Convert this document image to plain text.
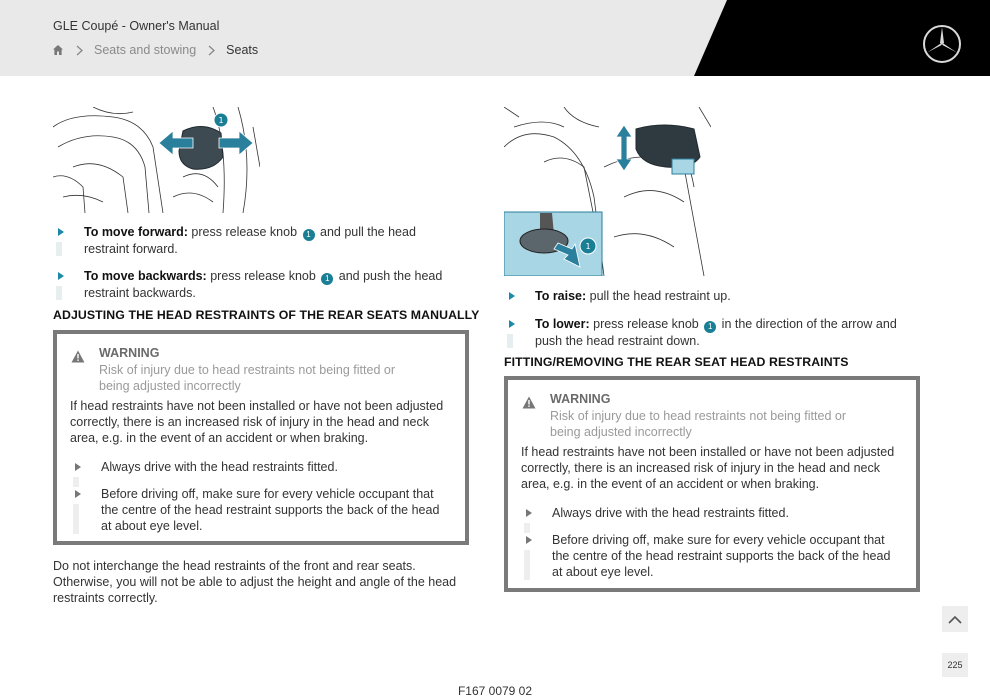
GLE Coupé - Owner's Manual
Seats and stowing Seats
1
To move forward: press release knob 1 and pull the head restraint forward.
To move backwards: press release knob 1 and push the head restraint backwards.
ADJUSTING THE HEAD RESTRAINTS OF THE REAR SEATS MANUALLY
WARNING
Risk of injury due to head restraints not being fitted or being adjusted incorrectly
If head restraints have not been installed or have not been adjusted correctly, there is an increased risk of injury in the head and neck area, e.g. in the event of an accident or when braking.
Always drive with the head restraints fitted.
Before driving off, make sure for every vehicle occupant that the centre of the head restraint supports the back of the head at about eye level.
Do not interchange the head restraints of the front and rear seats. Otherwise, you will not be able to adjust the height and angle of the head restraints correctly.
1
To raise: pull the head restraint up.
To lower: press release knob 1 in the direction of the arrow and push the head restraint down.
FITTING/REMOVING THE REAR SEAT HEAD RESTRAINTS
WARNING
Risk of injury due to head restraints not being fitted or being adjusted incorrectly
If head restraints have not been installed or have not been adjusted correctly, there is an increased risk of injury in the head and neck area, e.g. in the event of an accident or when braking.
Always drive with the head restraints fitted.
Before driving off, make sure for every vehicle occupant that the centre of the head restraint supports the back of the head at about eye level.
225
F167 0079 02
